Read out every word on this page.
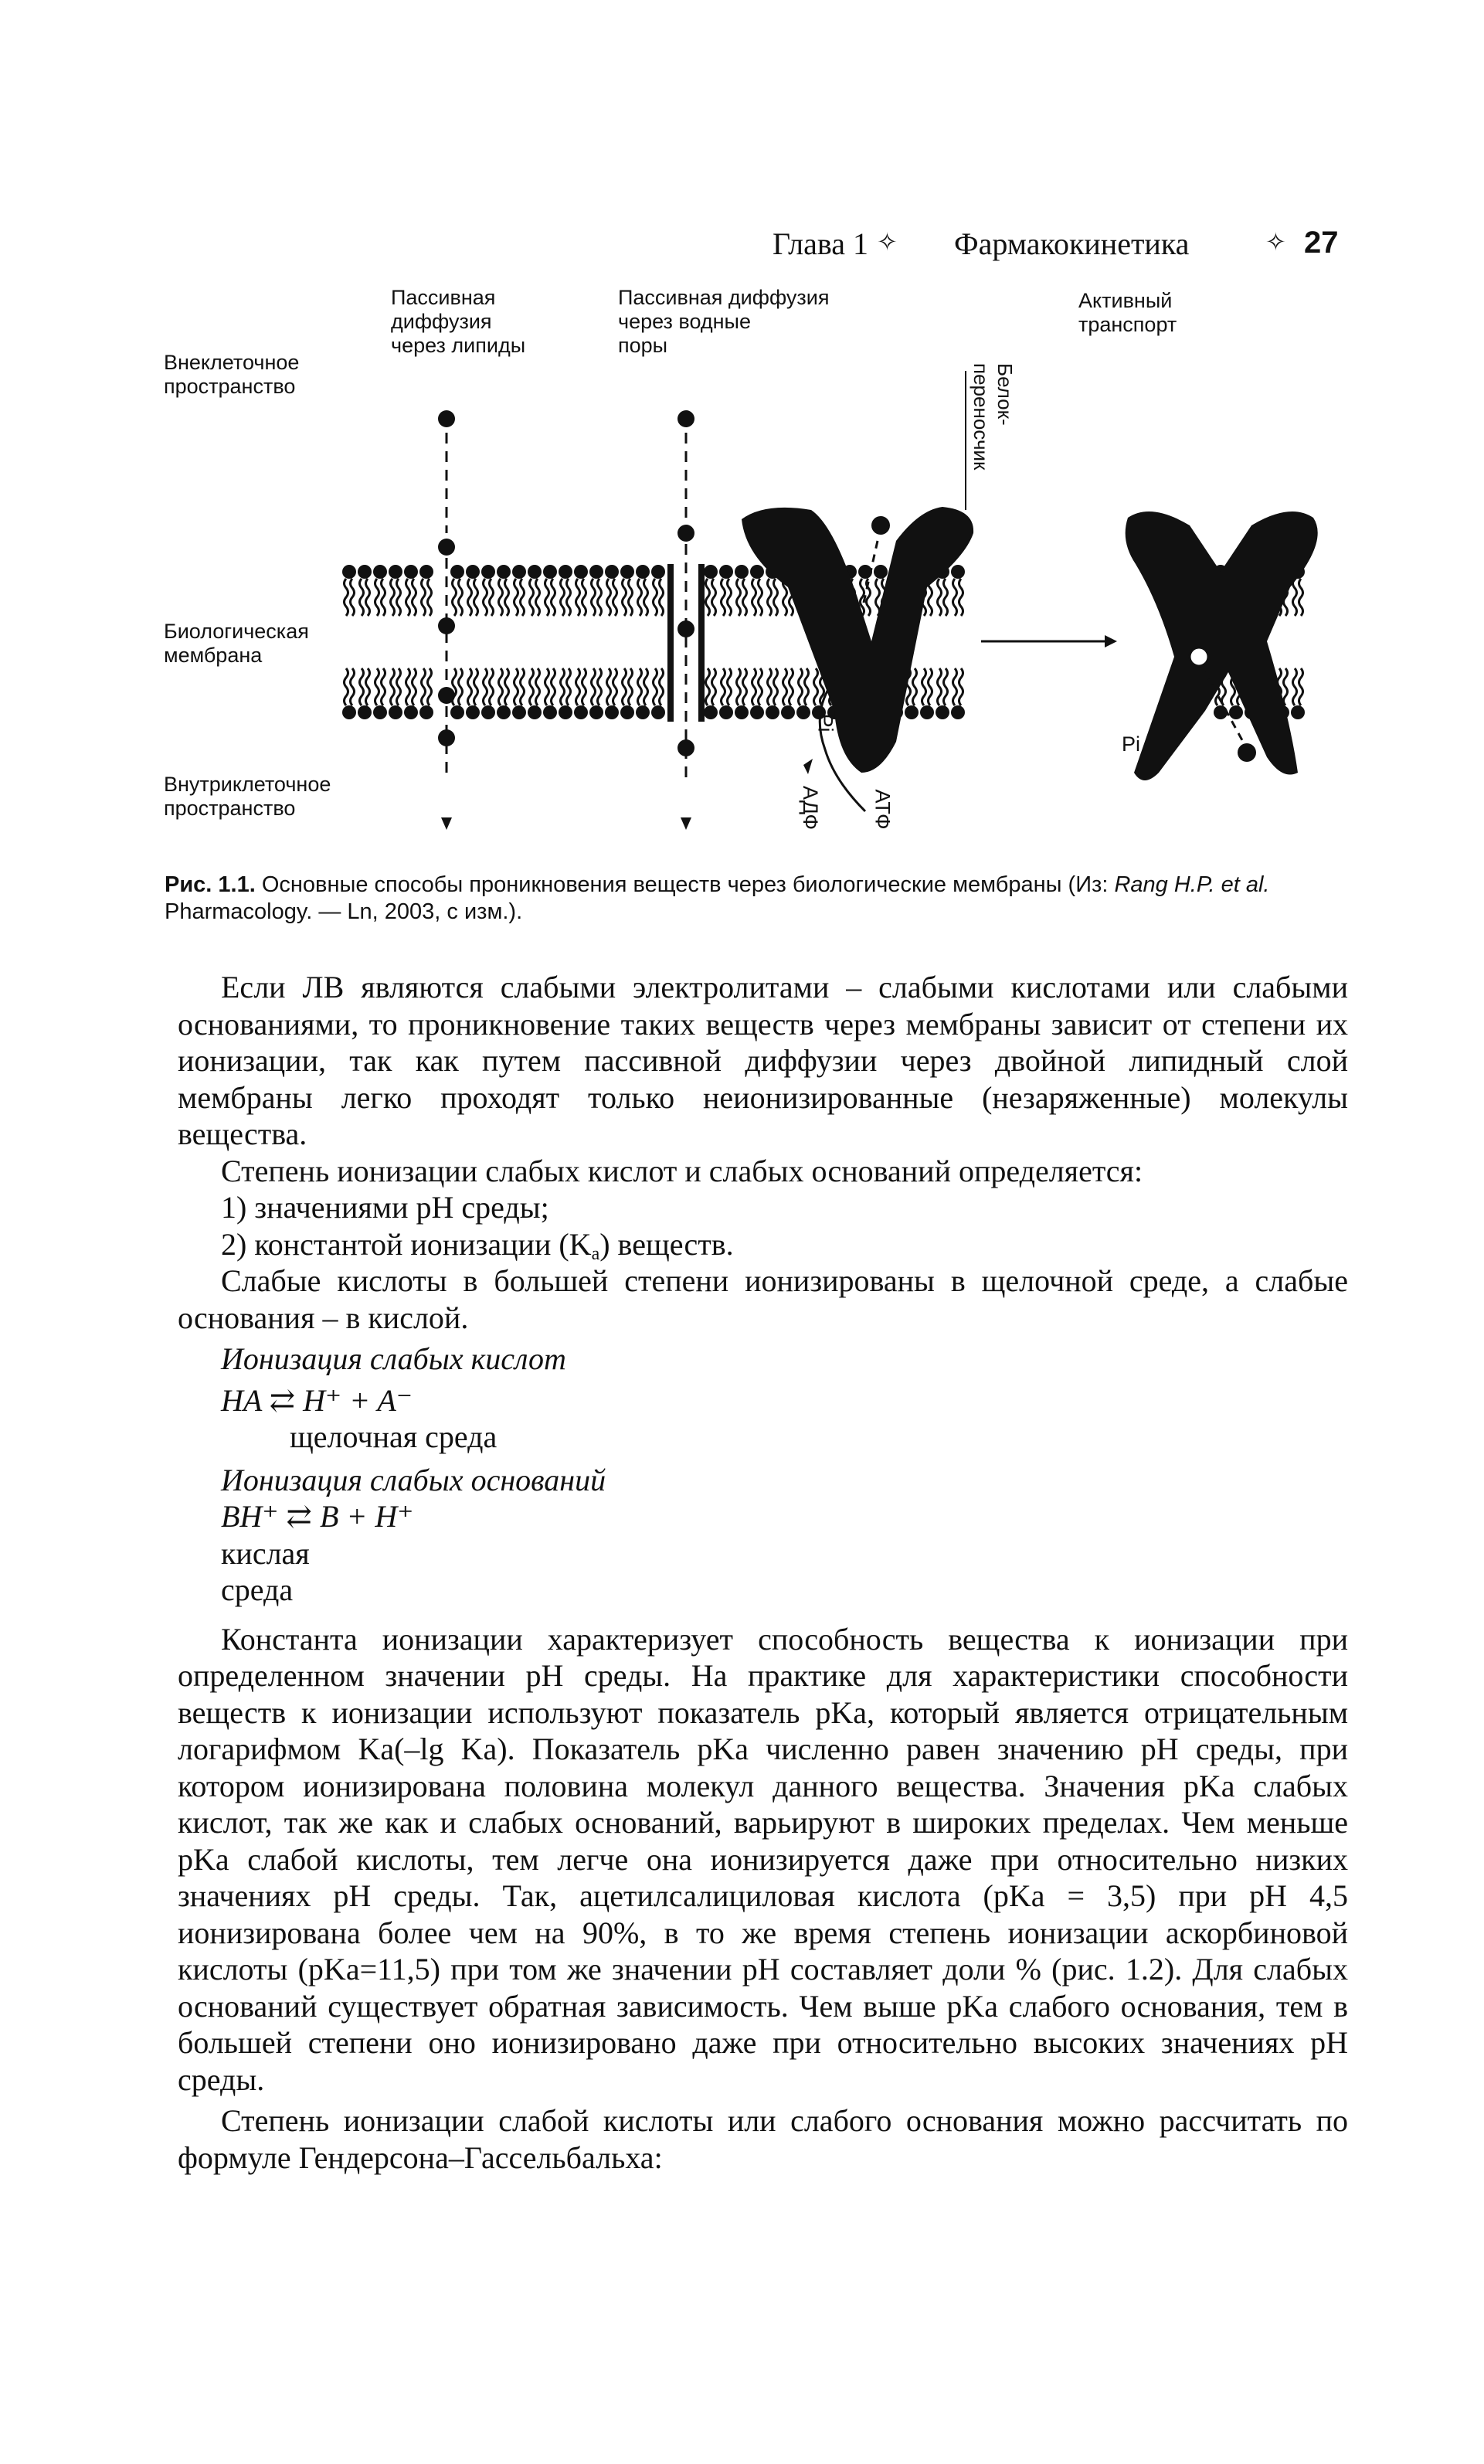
Глава 1 ✧ Фармакокинетика	✧ 27
Внеклеточное
пространство
Биологическая
мембрана
Внутриклеточное
пространство
Пассивная
диффузия
через липиды
Пассивная диффузия
через водные
поры
Активный
транспорт
Белок-
переносчик
Pi
Pi
АДФ АТФ
Рис. 1.1. Основные способы проникновения веществ через биологические мембраны (Из: Rang H.P. et al. Pharmacology. — Ln, 2003, с изм.).

Если ЛВ являются слабыми электролитами – слабыми кислотами или слабыми основаниями, то проникновение таких веществ через мембраны зависит от степени их ионизации, так как путем пассивной диффузии через двойной липидный слой мембраны легко проходят только неионизированные (незаряженные) молекулы вещества.

Степень ионизации слабых кислот и слабых оснований определяется:

1) значениями pH среды;

2) константой ионизации $(K_a)$ веществ.

Слабые кислоты в большей степени ионизированы в щелочной среде, а слабые основания – в кислой.

Ионизация слабых кислот

HA ⇄ H⁺ + A⁻

щелочная среда

Ионизация слабых оснований

BH⁺ ⇄ B + H⁺

кислая

среда

Константа ионизации характеризует способность вещества к ионизации при определенном значении pH среды. На практике для характеристики способности веществ к ионизации используют показатель pKa, который является отрицательным логарифмом Ka(–lg Ka). Показатель pKa численно равен значению pH среды, при котором ионизирована половина молекул данного вещества. Значения pKa слабых кислот, так же как и слабых оснований, варьируют в широких пределах. Чем меньше pKa слабой кислоты, тем легче она ионизируется даже при относительно низких значениях pH среды. Так, ацетилсалициловая кислота (pKa = 3,5) при pH 4,5 ионизирована более чем на 90%, в то же время степень ионизации аскорбиновой кислоты (pKa=11,5) при том же значении pH составляет доли % (рис. 1.2). Для слабых оснований существует обратная зависимость. Чем выше pKa слабого основания, тем в большей степени оно ионизировано даже при относительно высоких значениях pH среды.

Степень ионизации слабой кислоты или слабого основания можно рассчитать по формуле Гендерсона–Гассельбальха:
